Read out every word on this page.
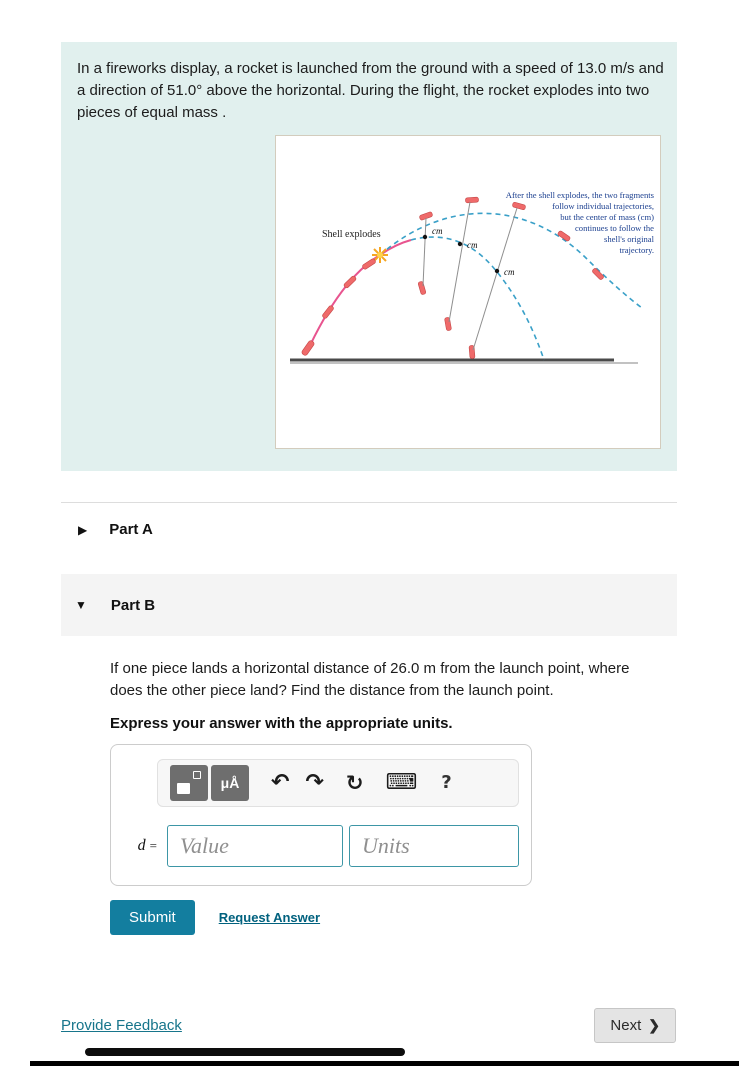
In a fireworks display, a rocket is launched from the ground with a speed of 13.0 m/s and a direction of 51.0° above the horizontal. During the flight, the rocket explodes into two pieces of equal mass .
cm
cm
cm
Shell explodes
After the shell explodes, the two fragments
follow individual trajectories,
but the center of mass (cm)
continues to follow the
shell's original
trajectory.
▶ Part A
▼ Part B
If one piece lands a horizontal distance of 26.0 m from the launch point, where does the other piece land? Find the distance from the launch point.
Express your answer with the appropriate units.
μÅ	↶ ↷ ↻ ⌨ ?
d =
Value
Units
Submit	Request Answer
Provide Feedback	Next ❯
